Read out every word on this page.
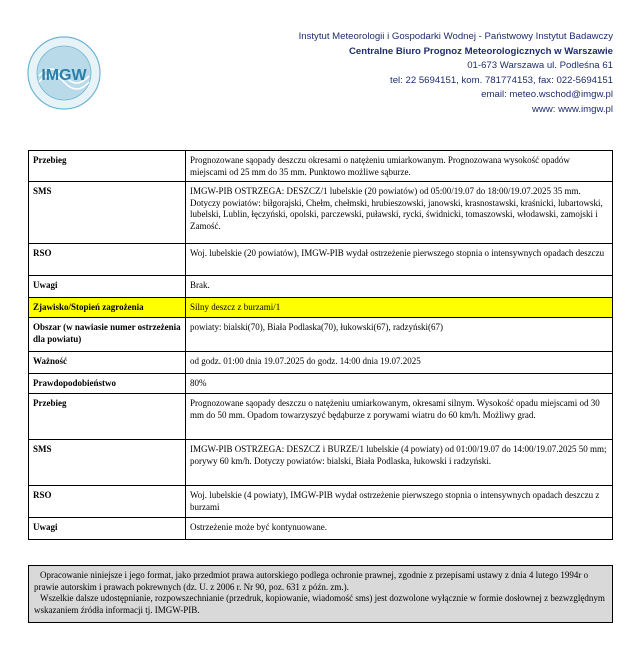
IMGW
Instytut Meteorologii i Gospodarki Wodnej - Państwowy Instytut Badawczy
Centralne Biuro Prognoz Meteorologicznych w Warszawie
01-673 Warszawa ul. Podleśna 61
tel: 22 5694151, kom. 781774153, fax: 022-5694151
email: meteo.wschod@imgw.pl
www: www.imgw.pl
Przebieg	Prognozowane sąopady deszczu okresami o natężeniu umiarkowanym. Prognozowana wysokość opadów miejscami od 25 mm do 35 mm. Punktowo możliwe sąburze.
SMS	IMGW-PIB OSTRZEGA: DESZCZ/1 lubelskie (20 powiatów) od 05:00/19.07 do 18:00/19.07.2025 35 mm. Dotyczy powiatów: biłgorajski, Chełm, chełmski, hrubieszowski, janowski, krasnostawski, kraśnicki, lubartowski, lubelski, Lublin, łęczyński, opolski, parczewski, puławski, rycki, świdnicki, tomaszowski, włodawski, zamojski i Zamość.
RSO	Woj. lubelskie (20 powiatów), IMGW-PIB wydał ostrzeżenie pierwszego stopnia o intensywnych opadach deszczu
Uwagi	Brak.
Zjawisko/Stopień zagrożenia	Silny deszcz z burzami/1
Obszar (w nawiasie numer ostrzeżenia dla powiatu)	powiaty: bialski(70), Biała Podlaska(70), łukowski(67), radzyński(67)
Ważność	od godz. 01:00 dnia 19.07.2025 do godz. 14:00 dnia 19.07.2025
Prawdopodobieństwo	80%
Przebieg	Prognozowane sąopady deszczu o natężeniu umiarkowanym, okresami silnym. Wysokość opadu miejscami od 30 mm do 50 mm. Opadom towarzyszyć będąburze z porywami wiatru do 60 km/h. Możliwy grad.
SMS	IMGW-PIB OSTRZEGA: DESZCZ i BURZE/1 lubelskie (4 powiaty) od 01:00/19.07 do 14:00/19.07.2025 50 mm; porywy 60 km/h. Dotyczy powiatów: bialski, Biała Podlaska, łukowski i radzyński.
RSO	Woj. lubelskie (4 powiaty), IMGW-PIB wydał ostrzeżenie pierwszego stopnia o intensywnych opadach deszczu z burzami
Uwagi	Ostrzeżenie może być kontynuowane.
Opracowanie niniejsze i jego format, jako przedmiot prawa autorskiego podlega ochronie prawnej, zgodnie z przepisami ustawy z dnia 4 lutego 1994r o prawie autorskim i prawach pokrewnych (dz. U. z 2006 r. Nr 90, poz. 631 z późn. zm.).
Wszelkie dalsze udostępnianie, rozpowszechnianie (przedruk, kopiowanie, wiadomość sms) jest dozwolone wyłącznie w formie dosłownej z bezwzględnym wskazaniem źródła informacji tj. IMGW-PIB.
